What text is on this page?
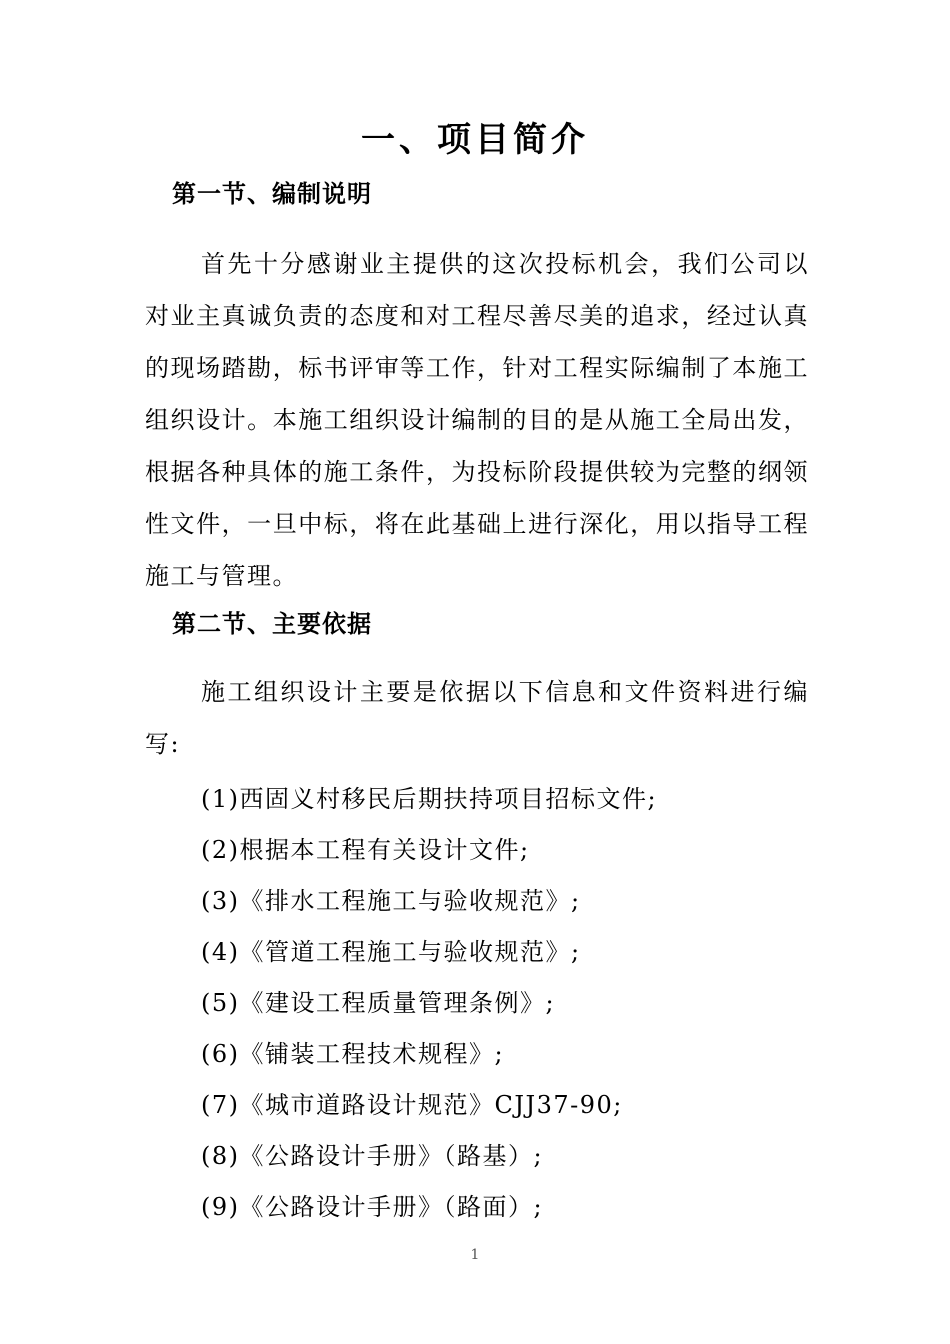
一、项目简介
第一节、编制说明

首先十分感谢业主提供的这次投标机会，我们公司以对业主真诚负责的态度和对工程尽善尽美的追求，经过认真的现场踏勘，标书评审等工作，针对工程实际编制了本施工组织设计。本施工组织设计编制的目的是从施工全局出发，根据各种具体的施工条件，为投标阶段提供较为完整的纲领性文件，一旦中标，将在此基础上进行深化，用以指导工程施工与管理。

第二节、主要依据

施工组织设计主要是依据以下信息和文件资料进行编写:

(1)西固义村移民后期扶持项目招标文件;
(2)根据本工程有关设计文件;
(3)《排水工程施工与验收规范》;
(4)《管道工程施工与验收规范》;
(5)《建设工程质量管理条例》;
(6)《铺装工程技术规程》;
(7)《城市道路设计规范》CJJ37-90;
(8)《公路设计手册》（路基）;
(9)《公路设计手册》（路面）;
1
